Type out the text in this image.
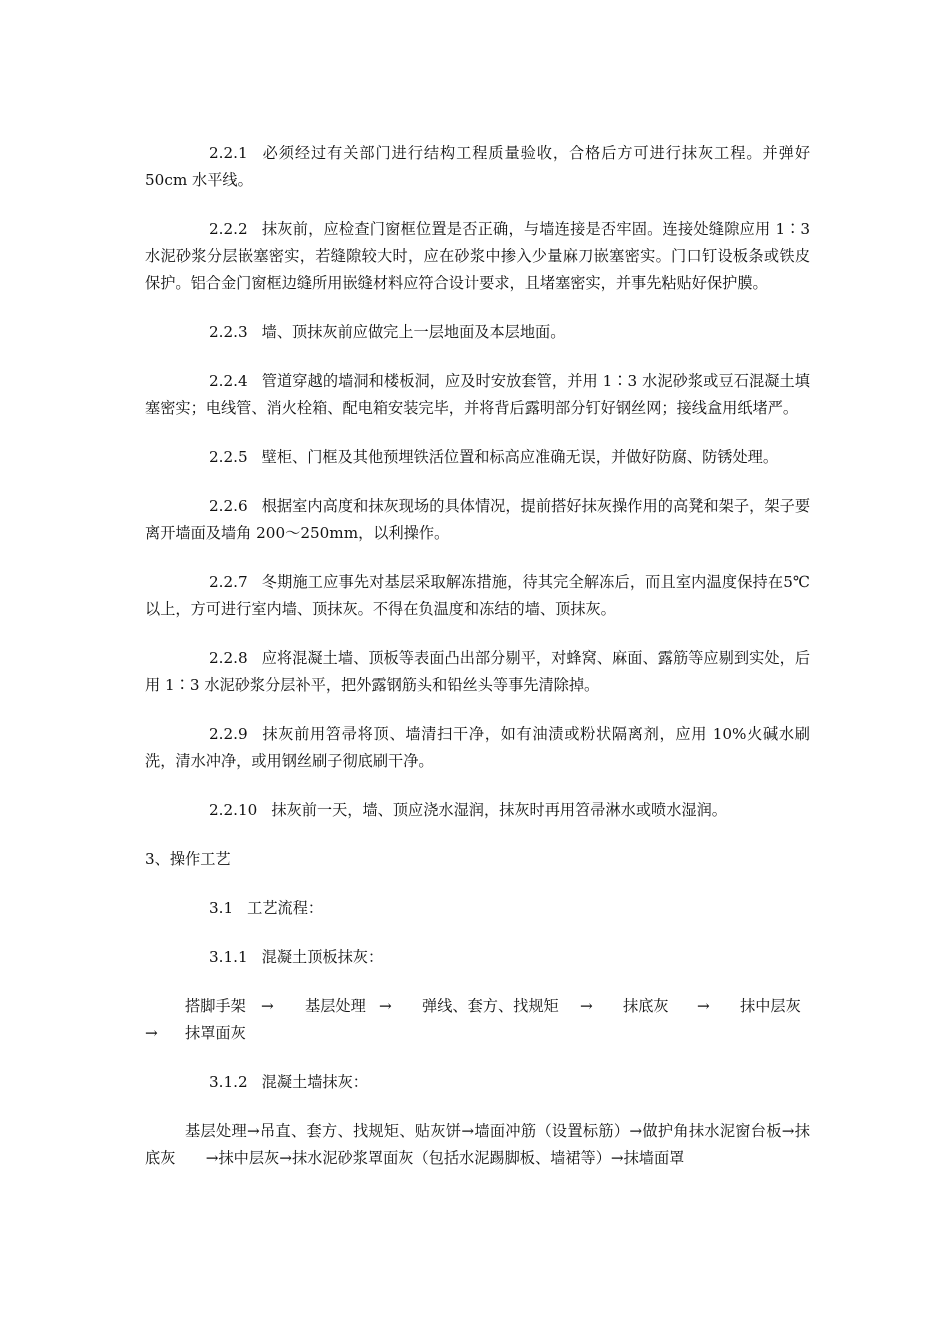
2.2.1 必须经过有关部门进行结构工程质量验收，合格后方可进行抹灰工程。并弹好50cm 水平线。

2.2.2 抹灰前，应检查门窗框位置是否正确，与墙连接是否牢固。连接处缝隙应用 1∶3 水泥砂浆分层嵌塞密实，若缝隙较大时，应在砂浆中掺入少量麻刀嵌塞密实。门口钉设板条或铁皮保护。铝合金门窗框边缝所用嵌缝材料应符合设计要求，且堵塞密实，并事先粘贴好保护膜。

2.2.3 墙、顶抹灰前应做完上一层地面及本层地面。

2.2.4 管道穿越的墙洞和楼板洞，应及时安放套管，并用 1∶3 水泥砂浆或豆石混凝土填塞密实；电线管、消火栓箱、配电箱安装完毕，并将背后露明部分钉好钢丝网；接线盒用纸堵严。

2.2.5 壁柜、门框及其他预埋铁活位置和标高应准确无误，并做好防腐、防锈处理。

2.2.6 根据室内高度和抹灰现场的具体情况，提前搭好抹灰操作用的高凳和架子，架子要离开墙面及墙角 200～250mm，以利操作。

2.2.7 冬期施工应事先对基层采取解冻措施，待其完全解冻后，而且室内温度保持在5℃以上，方可进行室内墙、顶抹灰。不得在负温度和冻结的墙、顶抹灰。

2.2.8 应将混凝土墙、顶板等表面凸出部分剔平，对蜂窝、麻面、露筋等应剔到实处，后用 1∶3 水泥砂浆分层补平，把外露钢筋头和铅丝头等事先清除掉。

2.2.9 抹灰前用笤帚将顶、墙清扫干净，如有油渍或粉状隔离剂，应用 10%火碱水刷洗，清水冲净，或用钢丝刷子彻底刷干净。

2.2.10 抹灰前一天，墙、顶应浇水湿润，抹灰时再用笤帚淋水或喷水湿润。

3、操作工艺

3.1 工艺流程：

3.1.1 混凝土顶板抹灰：

搭脚手架 → 基层处理 → 弹线、套方、找规矩 → 抹底灰 → 抹中层灰
→ 抹罩面灰

3.1.2 混凝土墙抹灰：

基层处理→吊直、套方、找规矩、贴灰饼→墙面冲筋（设置标筋）→做护角抹水泥窗台板→抹底灰　　→抹中层灰→抹水泥砂浆罩面灰（包括水泥踢脚板、墙裙等）→抹墙面罩
